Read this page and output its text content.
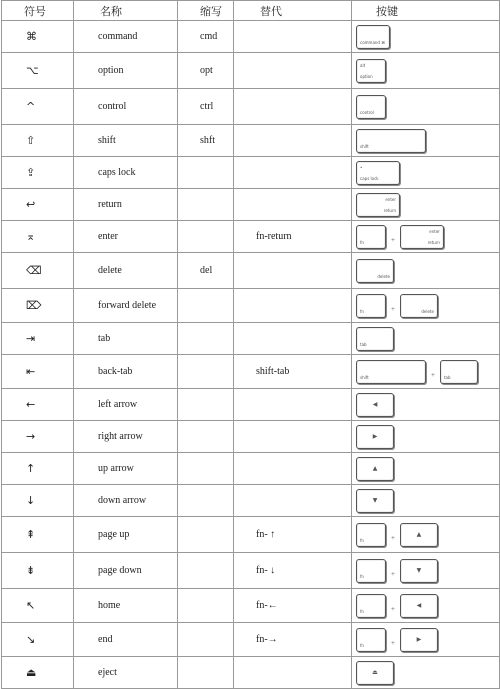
符号	名称	缩写	替代	按键
⌘	command	cmd		command ⌘

⌥	option	opt		alt
option

^	control	ctrl		control

⇧	shift	shft		shift

⇪	caps lock			•
caps lock

↩	return			enter
return

⌅	enter		fn-return	fn +
enter
return

⌫	delete	del		delete

⌦	forward delete			fn + delete

⇥	tab			tab

⇤	back-tab		shift-tab	shift + tab

←	left arrow			◀

→	right arrow			▶

↑	up arrow			▲

↓	down arrow			▼

⇞	page up		fn- ↑	fn + ▲

⇟	page down		fn- ↓	fn + ▼

↖	home		fn-←	fn + ◀

↘	end		fn-→	fn + ▶

⏏	eject			⏏
